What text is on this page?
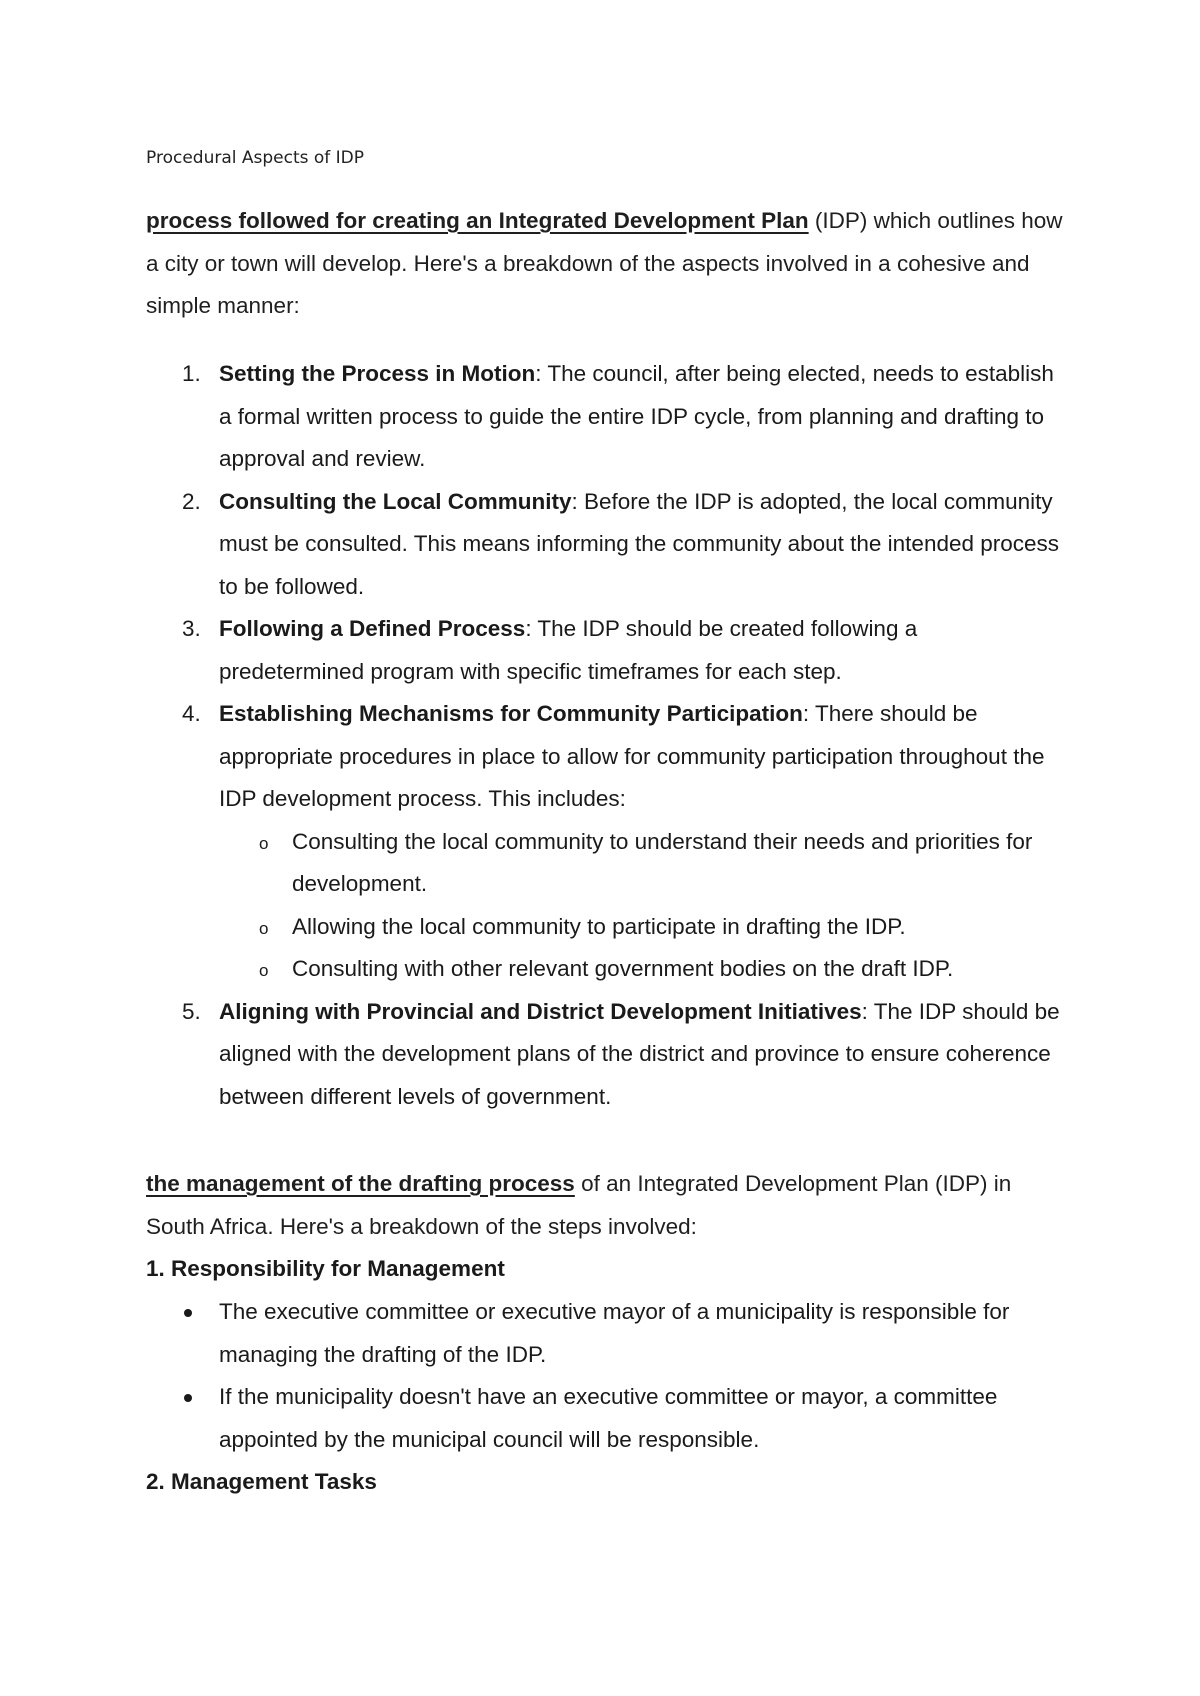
Procedural Aspects of IDP

process followed for creating an Integrated Development Plan (IDP) which outlines how a city or town will develop. Here's a breakdown of the aspects involved in a cohesive and simple manner:

1. Setting the Process in Motion: The council, after being elected, needs to establish a formal written process to guide the entire IDP cycle, from planning and drafting to approval and review.
2. Consulting the Local Community: Before the IDP is adopted, the local community must be consulted. This means informing the community about the intended process to be followed.
3. Following a Defined Process: The IDP should be created following a predetermined program with specific timeframes for each step.
4. Establishing Mechanisms for Community Participation: There should be appropriate procedures in place to allow for community participation throughout the IDP development process. This includes:
o Consulting the local community to understand their needs and priorities for development.
o Allowing the local community to participate in drafting the IDP.
o Consulting with other relevant government bodies on the draft IDP.
5. Aligning with Provincial and District Development Initiatives: The IDP should be aligned with the development plans of the district and province to ensure coherence between different levels of government.

the management of the drafting process of an Integrated Development Plan (IDP) in South Africa. Here's a breakdown of the steps involved:

1. Responsibility for Management
The executive committee or executive mayor of a municipality is responsible for managing the drafting of the IDP.
If the municipality doesn't have an executive committee or mayor, a committee appointed by the municipal council will be responsible.
2. Management Tasks
